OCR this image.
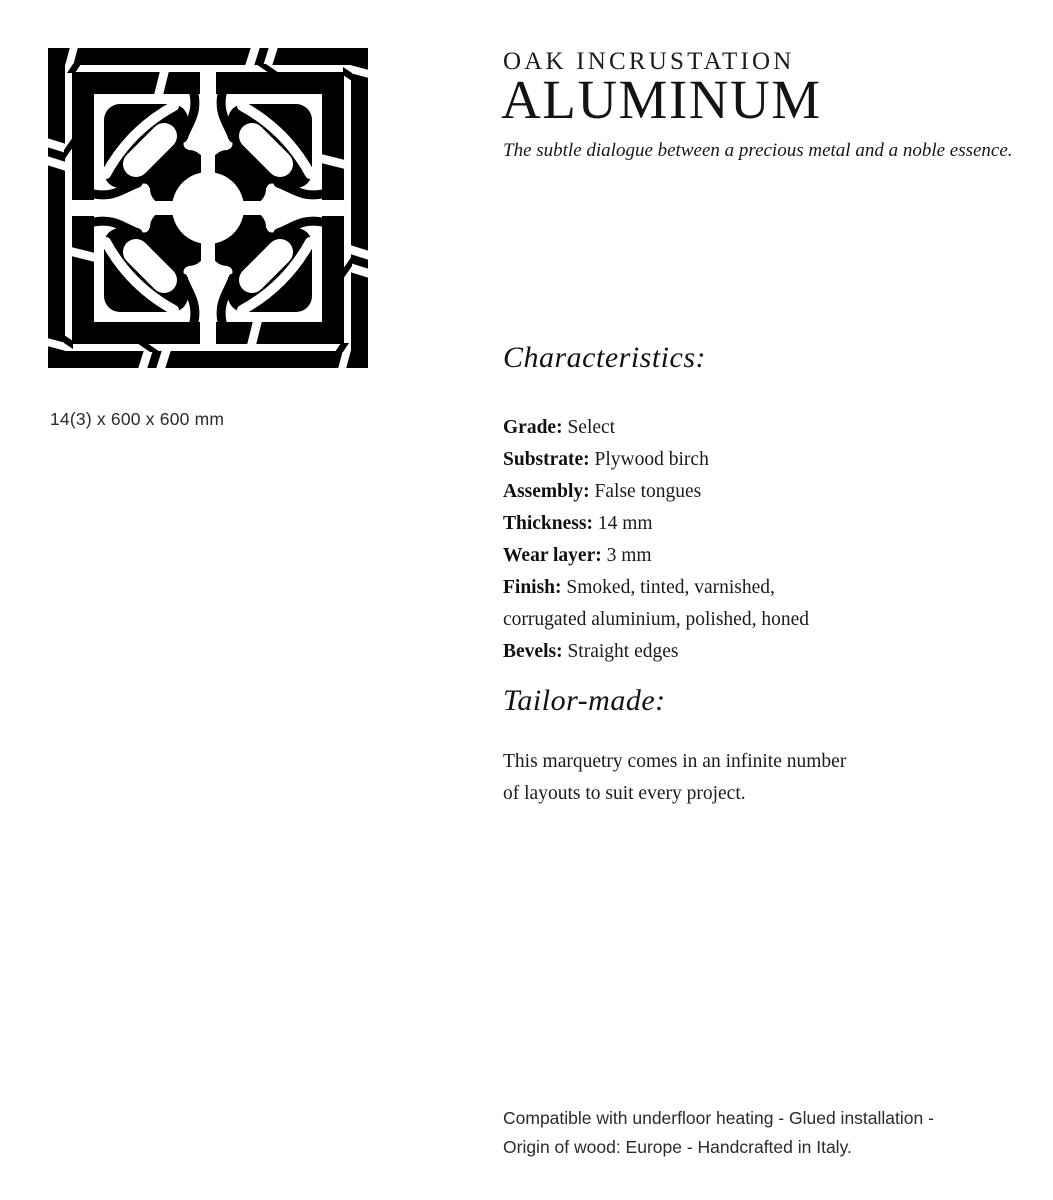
14(3) x 600 x 600 mm
OAK INCRUSTATION
ALUMINUM
The subtle dialogue between a precious metal and a noble essence.
Characteristics:
Grade: Select
Substrate: Plywood birch
Assembly: False tongues
Thickness: 14 mm
Wear layer: 3 mm
Finish: Smoked, tinted, varnished, corrugated aluminium, polished, honed
Bevels: Straight edges
Tailor-made:
This marquetry comes in an infinite number
of layouts to suit every project.
Compatible with underfloor heating - Glued installation -
Origin of wood: Europe - Handcrafted in Italy.
